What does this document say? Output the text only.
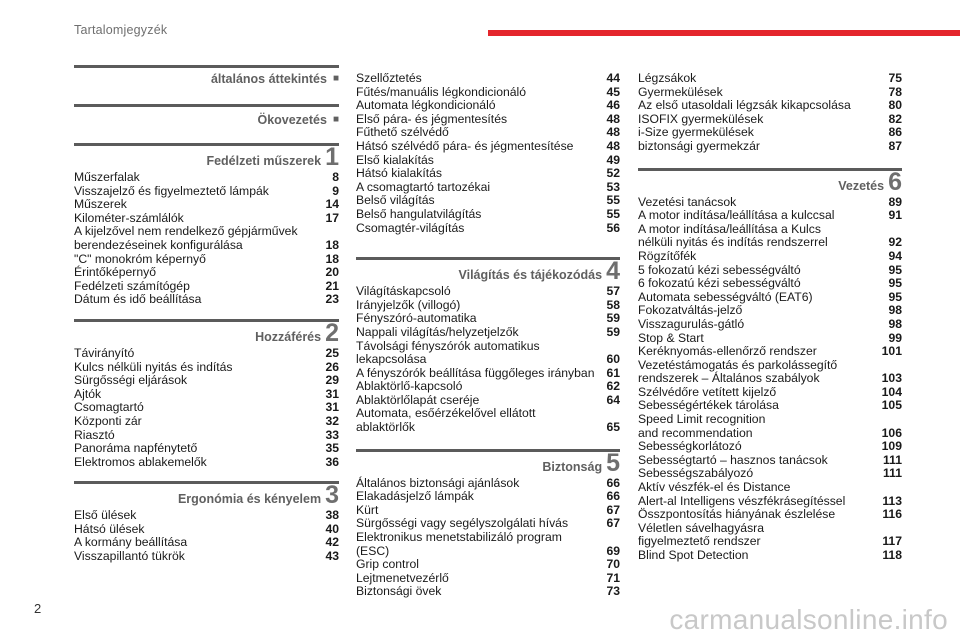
Tartalomjegyzék
általános áttekintés ■
Ökovezetés ■
Fedélzeti műszerek 1
Műszerfalak	8
Visszajelző és figyelmeztető lámpák	9
Műszerek	14
Kilométer-számlálók	17
A kijelzővel nem rendelkező gépjárművek
berendezéseinek konfigurálása	18
"C" monokróm képernyő	18
Érintőképernyő	20
Fedélzeti számítógép	21
Dátum és idő beállítása	23
Hozzáférés 2
Távirányító	25
Kulcs nélküli nyitás és indítás	26
Sürgősségi eljárások	29
Ajtók	31
Csomagtartó	31
Központi zár	32
Riasztó	33
Panoráma napfénytető	35
Elektromos ablakemelők	36
Ergonómia és kényelem 3
Első ülések	38
Hátsó ülések	40
A kormány beállítása	42
Visszapillantó tükrök	43
Szellőztetés	44
Fűtés/manuális légkondicionáló	45
Automata légkondicionáló	46
Első pára- és jégmentesítés	48
Fűthető szélvédő	48
Hátsó szélvédő pára- és jégmentesítése	48
Első kialakítás	49
Hátsó kialakítás	52
A csomagtartó tartozékai	53
Belső világítás	55
Belső hangulatvilágítás	55
Csomagtér-világítás	56
Világítás és tájékozódás 4
Világításkapcsoló	57
Irányjelzők (villogó)	58
Fényszóró-automatika	59
Nappali világítás/helyzetjelzők	59
Távolsági fényszórók automatikus
lekapcsolása	60
A fényszórók beállítása függőleges irányban 61
Ablaktörlő-kapcsoló	62
Ablaktörlőlapát cseréje	64
Automata, esőérzékelővel ellátott ablaktörlők	65
Biztonság 5
Általános biztonsági ajánlások	66
Elakadásjelző lámpák	66
Kürt	67
Sürgősségi vagy segélyszolgálati hívás	67
Elektronikus menetstabilizáló program (ESC)	69
Grip control	70
Lejtmenetvezérlő	71
Biztonsági övek	73
Légzsákok	75
Gyermekülések	78
Az első utasoldali légzsák kikapcsolása	80
ISOFIX gyermekülések	82
i-Size gyermekülések	86
biztonsági gyermekzár	87
Vezetés 6
Vezetési tanácsok	89
A motor indítása/leállítása a kulccsal	91
A motor indítása/leállítása a Kulcs
nélküli nyitás és indítás rendszerrel	92
Rögzítőfék	94
5 fokozatú kézi sebességváltó	95
6 fokozatú kézi sebességváltó	95
Automata sebességváltó (EAT6)	95
Fokozatváltás-jelző	98
Visszagurulás-gátló	98
Stop & Start	99
Keréknyomás-ellenőrző rendszer	101
Vezetéstámogatás és parkolássegítő
rendszerek – Általános szabályok	103
Szélvédőre vetített kijelző	104
Sebességértékek tárolása	105
Speed Limit recognition
and recommendation	106
Sebességkorlátozó	109
Sebességtartó – hasznos tanácsok	111
Sebességszabályozó	111
Aktív vészfék-el és Distance
Alert-al Intelligens vészfékrásegítéssel	113
Összpontosítás hiányának észlelése	116
Véletlen sávelhagyásra
figyelmeztető rendszer	117
Blind Spot Detection	118
2	carmanualsonline.info
